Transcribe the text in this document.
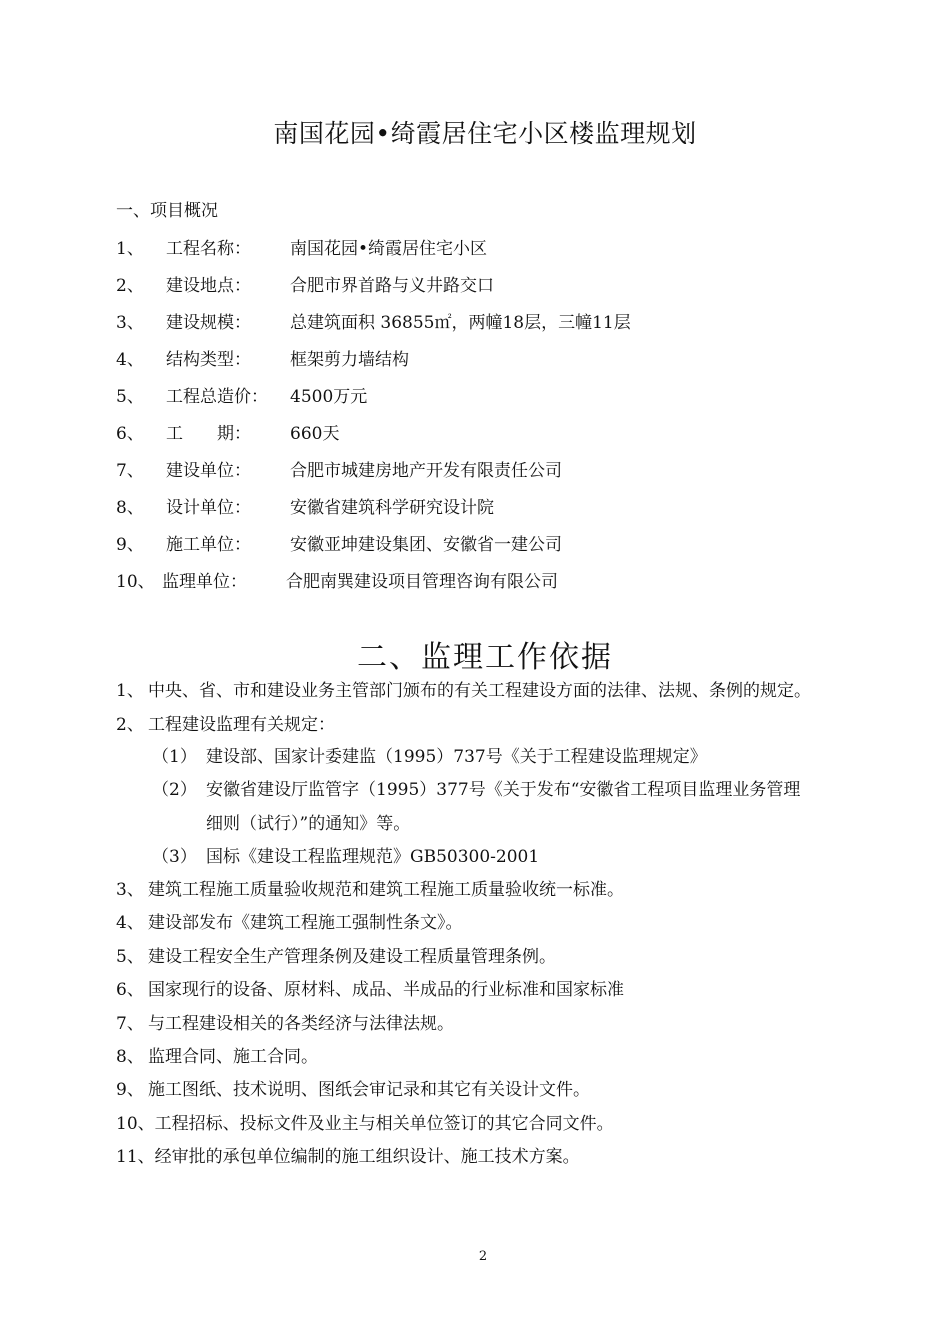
南国花园•绮霞居住宅小区楼监理规划
一、项目概况
1、 工程名称： 南国花园•绮霞居住宅小区
2、 建设地点： 合肥市界首路与义井路交口
3、 建设规模： 总建筑面积 36855㎡，两幢18层，三幢11层
4、 结构类型： 框架剪力墙结构
5、 工程总造价： 4500万元
6、 工　　期： 660天
7、 建设单位： 合肥市城建房地产开发有限责任公司
8、 设计单位： 安徽省建筑科学研究设计院
9、 施工单位： 安徽亚坤建设集团、安徽省一建公司
10、 监理单位： 合肥南巽建设项目管理咨询有限公司
二、监理工作依据
1、 中央、省、市和建设业务主管部门颁布的有关工程建设方面的法律、法规、条例的规定。
2、 工程建设监理有关规定：
（1） 建设部、国家计委建监（1995）737号《关于工程建设监理规定》
（2） 安徽省建设厅监管字（1995）377号《关于发布“安徽省工程项目监理业务管理
细则（试行）”的通知》等。
（3） 国标《建设工程监理规范》GB50300-2001
3、 建筑工程施工质量验收规范和建筑工程施工质量验收统一标准。
4、 建设部发布《建筑工程施工强制性条文》。
5、 建设工程安全生产管理条例及建设工程质量管理条例。
6、 国家现行的设备、原材料、成品、半成品的行业标准和国家标准
7、 与工程建设相关的各类经济与法律法规。
8、 监理合同、施工合同。
9、 施工图纸、技术说明、图纸会审记录和其它有关设计文件。
10、工程招标、投标文件及业主与相关单位签订的其它合同文件。
11、经审批的承包单位编制的施工组织设计、施工技术方案。
2
